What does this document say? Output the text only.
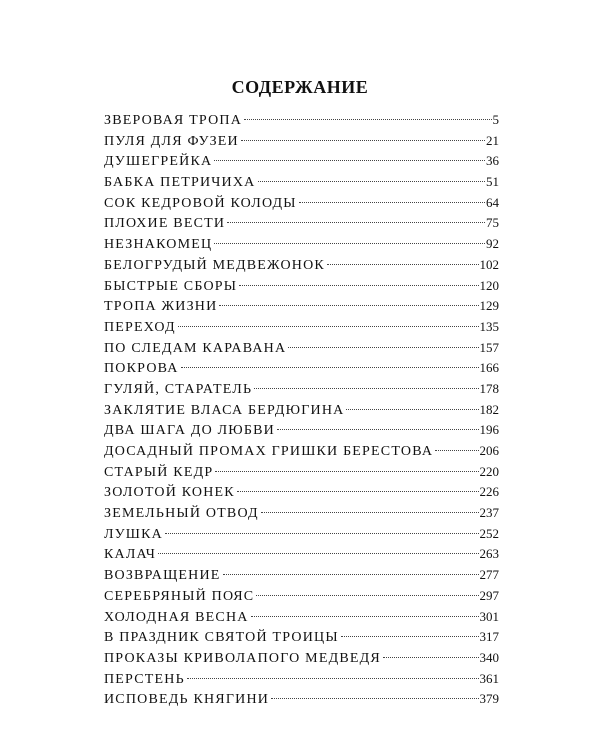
СОДЕРЖАНИЕ
ЗВЕРОВАЯ ТРОПА	5
ПУЛЯ ДЛЯ ФУЗЕИ	21
ДУШЕГРЕЙКА	36
БАБКА ПЕТРИЧИХА	51
СОК КЕДРОВОЙ КОЛОДЫ	64
ПЛОХИЕ ВЕСТИ	75
НЕЗНАКОМЕЦ	92
БЕЛОГРУДЫЙ МЕДВЕЖОНОК	102
БЫСТРЫЕ СБОРЫ	120
ТРОПА ЖИЗНИ	129
ПЕРЕХОД	135
ПО СЛЕДАМ КАРАВАНА	157
ПОКРОВА	166
ГУЛЯЙ, СТАРАТЕЛЬ	178
ЗАКЛЯТИЕ ВЛАСА БЕРДЮГИНА	182
ДВА ШАГА ДО ЛЮБВИ	196
ДОСАДНЫЙ ПРОМАХ ГРИШКИ БЕРЕСТОВА	206
СТАРЫЙ КЕДР	220
ЗОЛОТОЙ КОНЕК	226
ЗЕМЕЛЬНЫЙ ОТВОД	237
ЛУШКА	252
КАЛАЧ	263
ВОЗВРАЩЕНИЕ	277
СЕРЕБРЯНЫЙ ПОЯС	297
ХОЛОДНАЯ ВЕСНА	301
В ПРАЗДНИК СВЯТОЙ ТРОИЦЫ	317
ПРОКАЗЫ КРИВОЛАПОГО МЕДВЕДЯ	340
ПЕРСТЕНЬ	361
ИСПОВЕДЬ КНЯГИНИ	379
